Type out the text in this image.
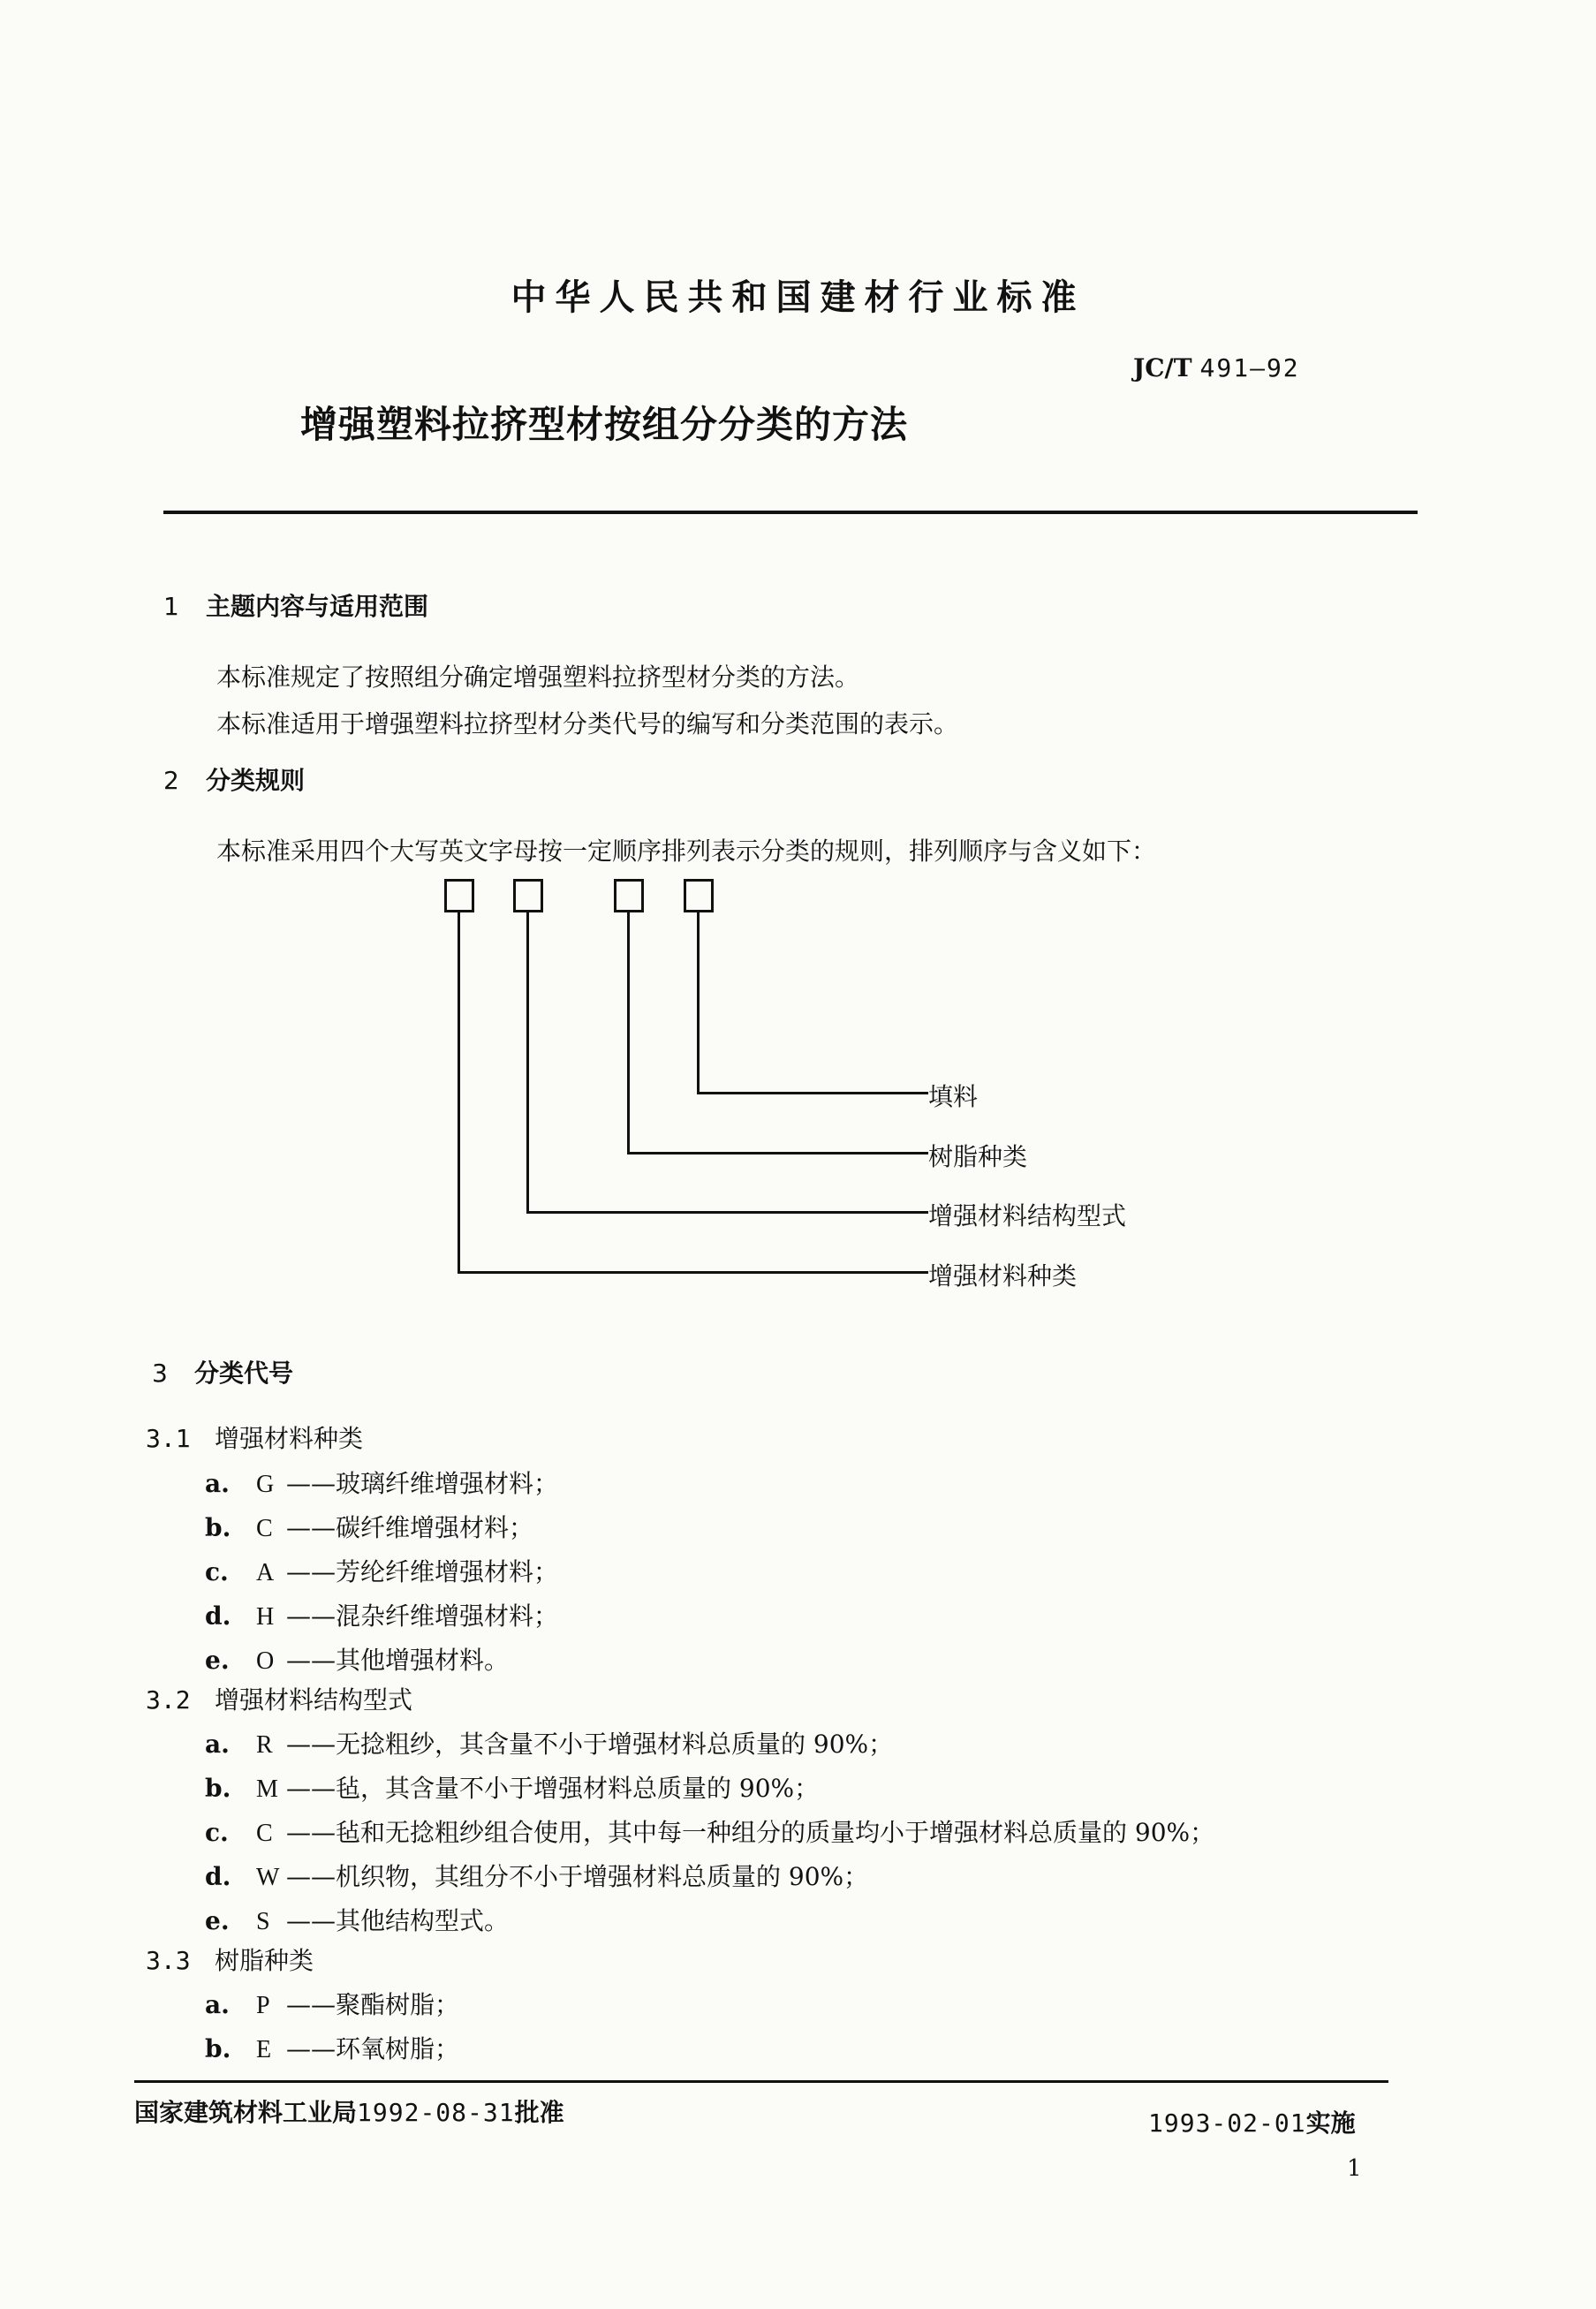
中华人民共和国建材行业标准
JC/T 491—92
增强塑料拉挤型材按组分分类的方法
1 主题内容与适用范围
本标准规定了按照组分确定增强塑料拉挤型材分类的方法。
本标准适用于增强塑料拉挤型材分类代号的编写和分类范围的表示。
2 分类规则
本标准采用四个大写英文字母按一定顺序排列表示分类的规则，排列顺序与含义如下：
填料
树脂种类
增强材料结构型式
增强材料种类
3 分类代号
3.1 增强材料种类
a. G ——玻璃纤维增强材料；
b. C ——碳纤维增强材料；
c. A ——芳纶纤维增强材料；
d. H ——混杂纤维增强材料；
e. O ——其他增强材料。
3.2 增强材料结构型式
a. R ——无捻粗纱，其含量不小于增强材料总质量的 90%；
b. M ——毡，其含量不小于增强材料总质量的 90%；
c. C ——毡和无捻粗纱组合使用，其中每一种组分的质量均小于增强材料总质量的 90%；
d. W ——机织物，其组分不小于增强材料总质量的 90%；
e. S ——其他结构型式。
3.3 树脂种类
a. P ——聚酯树脂；
b. E ——环氧树脂；
国家建筑材料工业局1992-08-31批准	1993-02-01实施
1
